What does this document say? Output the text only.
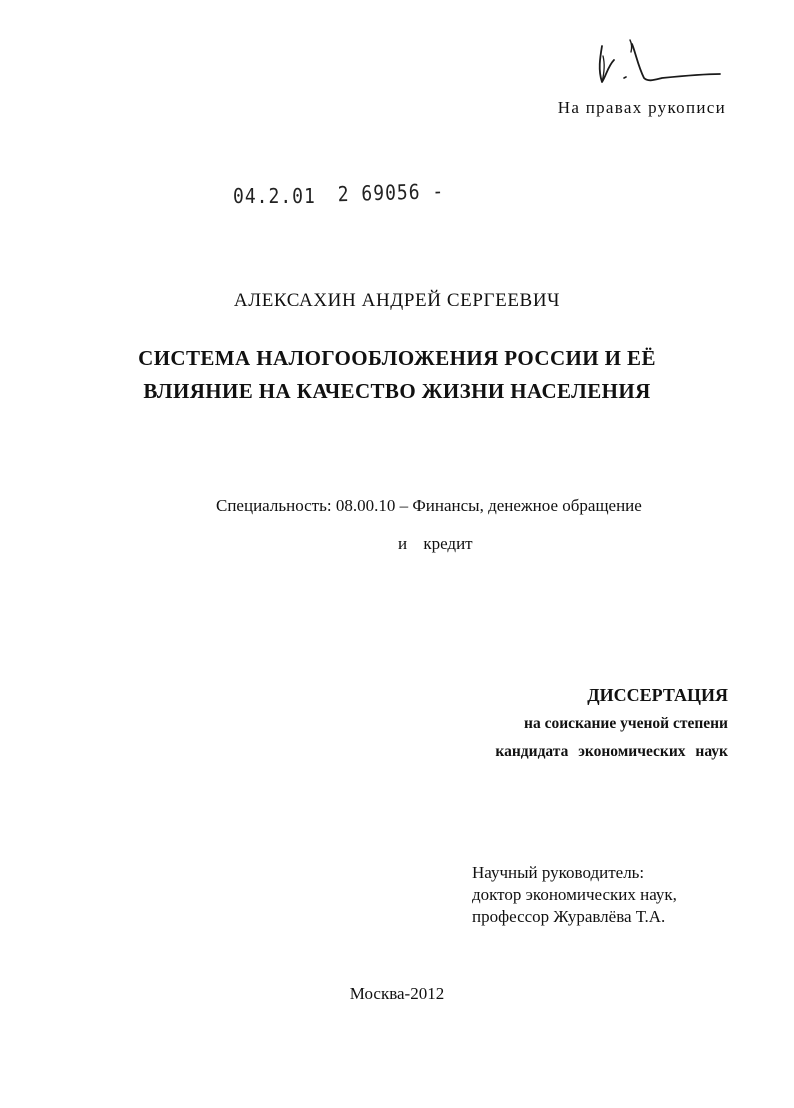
На правах рукописи
04.2.01 2 69056 -
АЛЕКСАХИН АНДРЕЙ СЕРГЕЕВИЧ
СИСТЕМА НАЛОГООБЛОЖЕНИЯ РОССИИ И ЕЁ
ВЛИЯНИЕ НА КАЧЕСТВО ЖИЗНИ НАСЕЛЕНИЯ
Специальность: 08.00.10 – Финансы, денежное обращение
и кредит
ДИССЕРТАЦИЯ
на соискание ученой степени
кандидата экономических наук
Научный руководитель:
доктор экономических наук,
профессор Журавлёва Т.А.
Москва-2012
